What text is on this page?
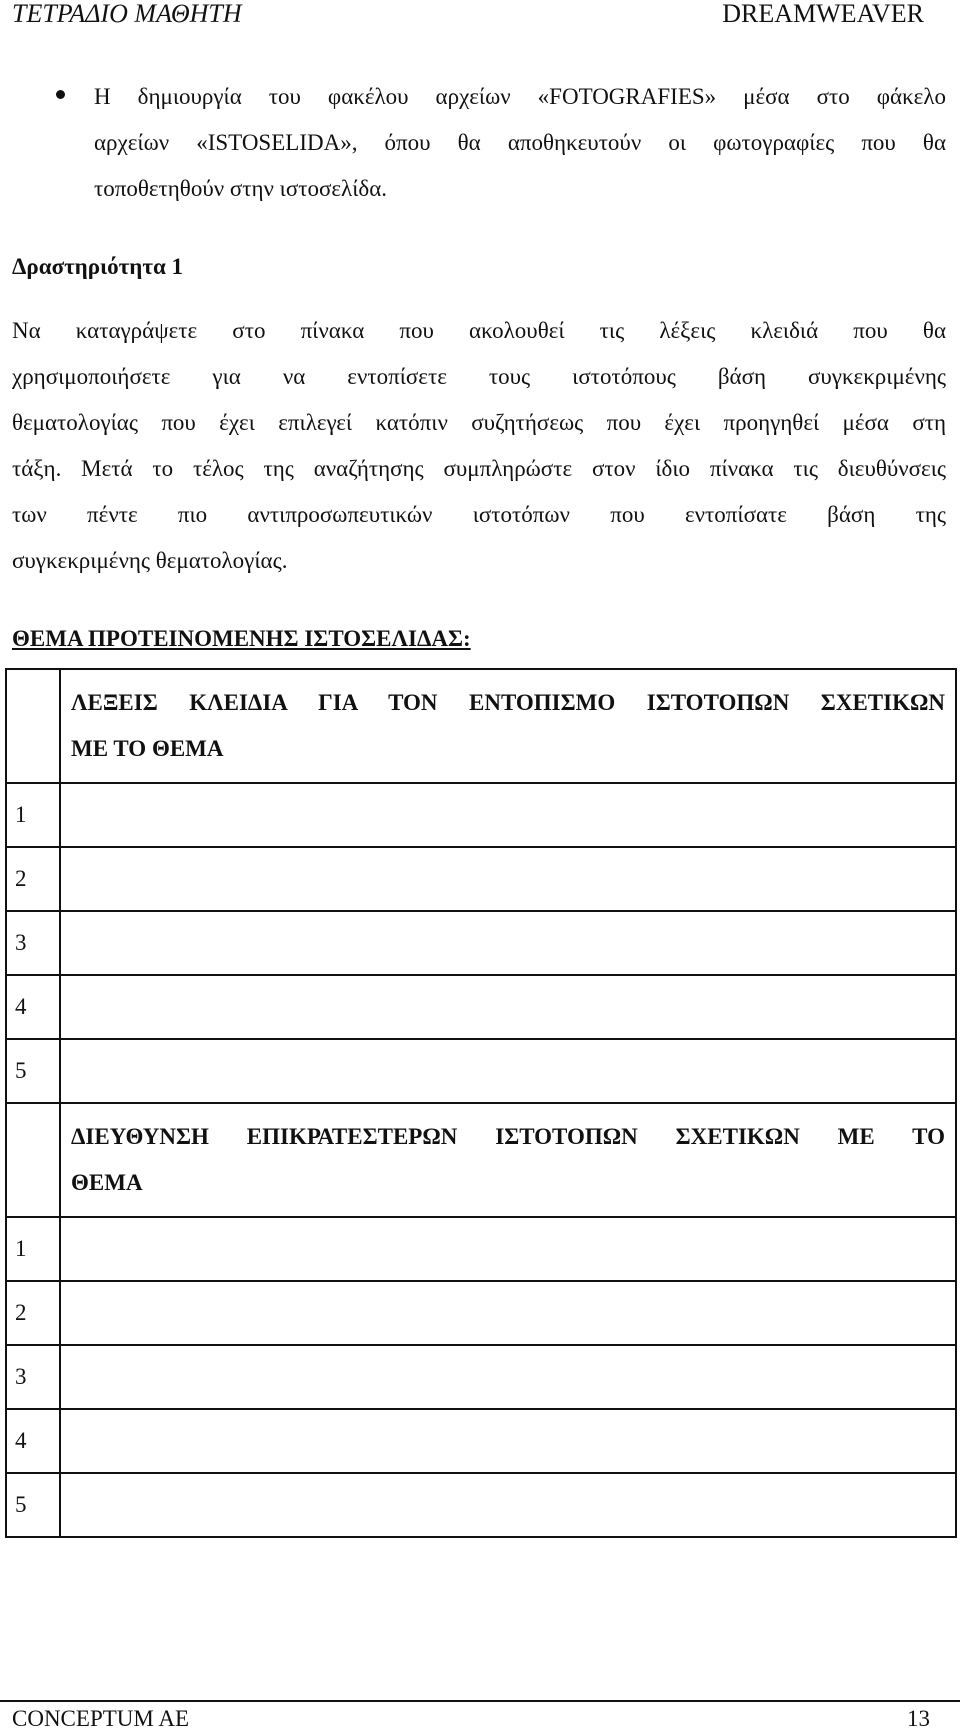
ΤΕΤΡΑΔΙΟ ΜΑΘΗΤΗ	DREAMWEAVER
Η δημιουργία του φακέλου αρχείων «FOTOGRAFIES» μέσα στο φάκελο
αρχείων «ISTOSELIDA», όπου θα αποθηκευτούν οι φωτογραφίες που θα
τοποθετηθούν στην ιστοσελίδα.
Δραστηριότητα 1
Να καταγράψετε στο πίνακα που ακολουθεί τις λέξεις κλειδιά που θα
χρησιμοποιήσετε για να εντοπίσετε τους ιστοτόπους βάση συγκεκριμένης
θεματολογίας που έχει επιλεγεί κατόπιν συζητήσεως που έχει προηγηθεί μέσα στη
τάξη. Μετά το τέλος της αναζήτησης συμπληρώστε στον ίδιο πίνακα τις διευθύνσεις
των πέντε πιο αντιπροσωπευτικών ιστοτόπων που εντοπίσατε βάση της
συγκεκριμένης θεματολογίας.
ΘΕΜΑ ΠΡΟΤΕΙΝΟΜΕΝΗΣ ΙΣΤΟΣΕΛΙΔΑΣ:

	ΛΕΞΕΙΣ ΚΛΕΙΔΙΑ ΓΙΑ ΤΟΝ ΕΝΤΟΠΙΣΜΟ ΙΣΤΟΤΟΠΩΝ ΣΧΕΤΙΚΩΝ
ΜΕ ΤΟ ΘΕΜΑ

1	
2	
3	
4	
5	

	ΔΙΕΥΘΥΝΣΗ ΕΠΙΚΡΑΤΕΣΤΕΡΩΝ ΙΣΤΟΤΟΠΩΝ ΣΧΕΤΙΚΩΝ ΜΕ ΤΟ
ΘΕΜΑ

1	
2	
3	
4	
5	
CONCEPTUM AE	13
